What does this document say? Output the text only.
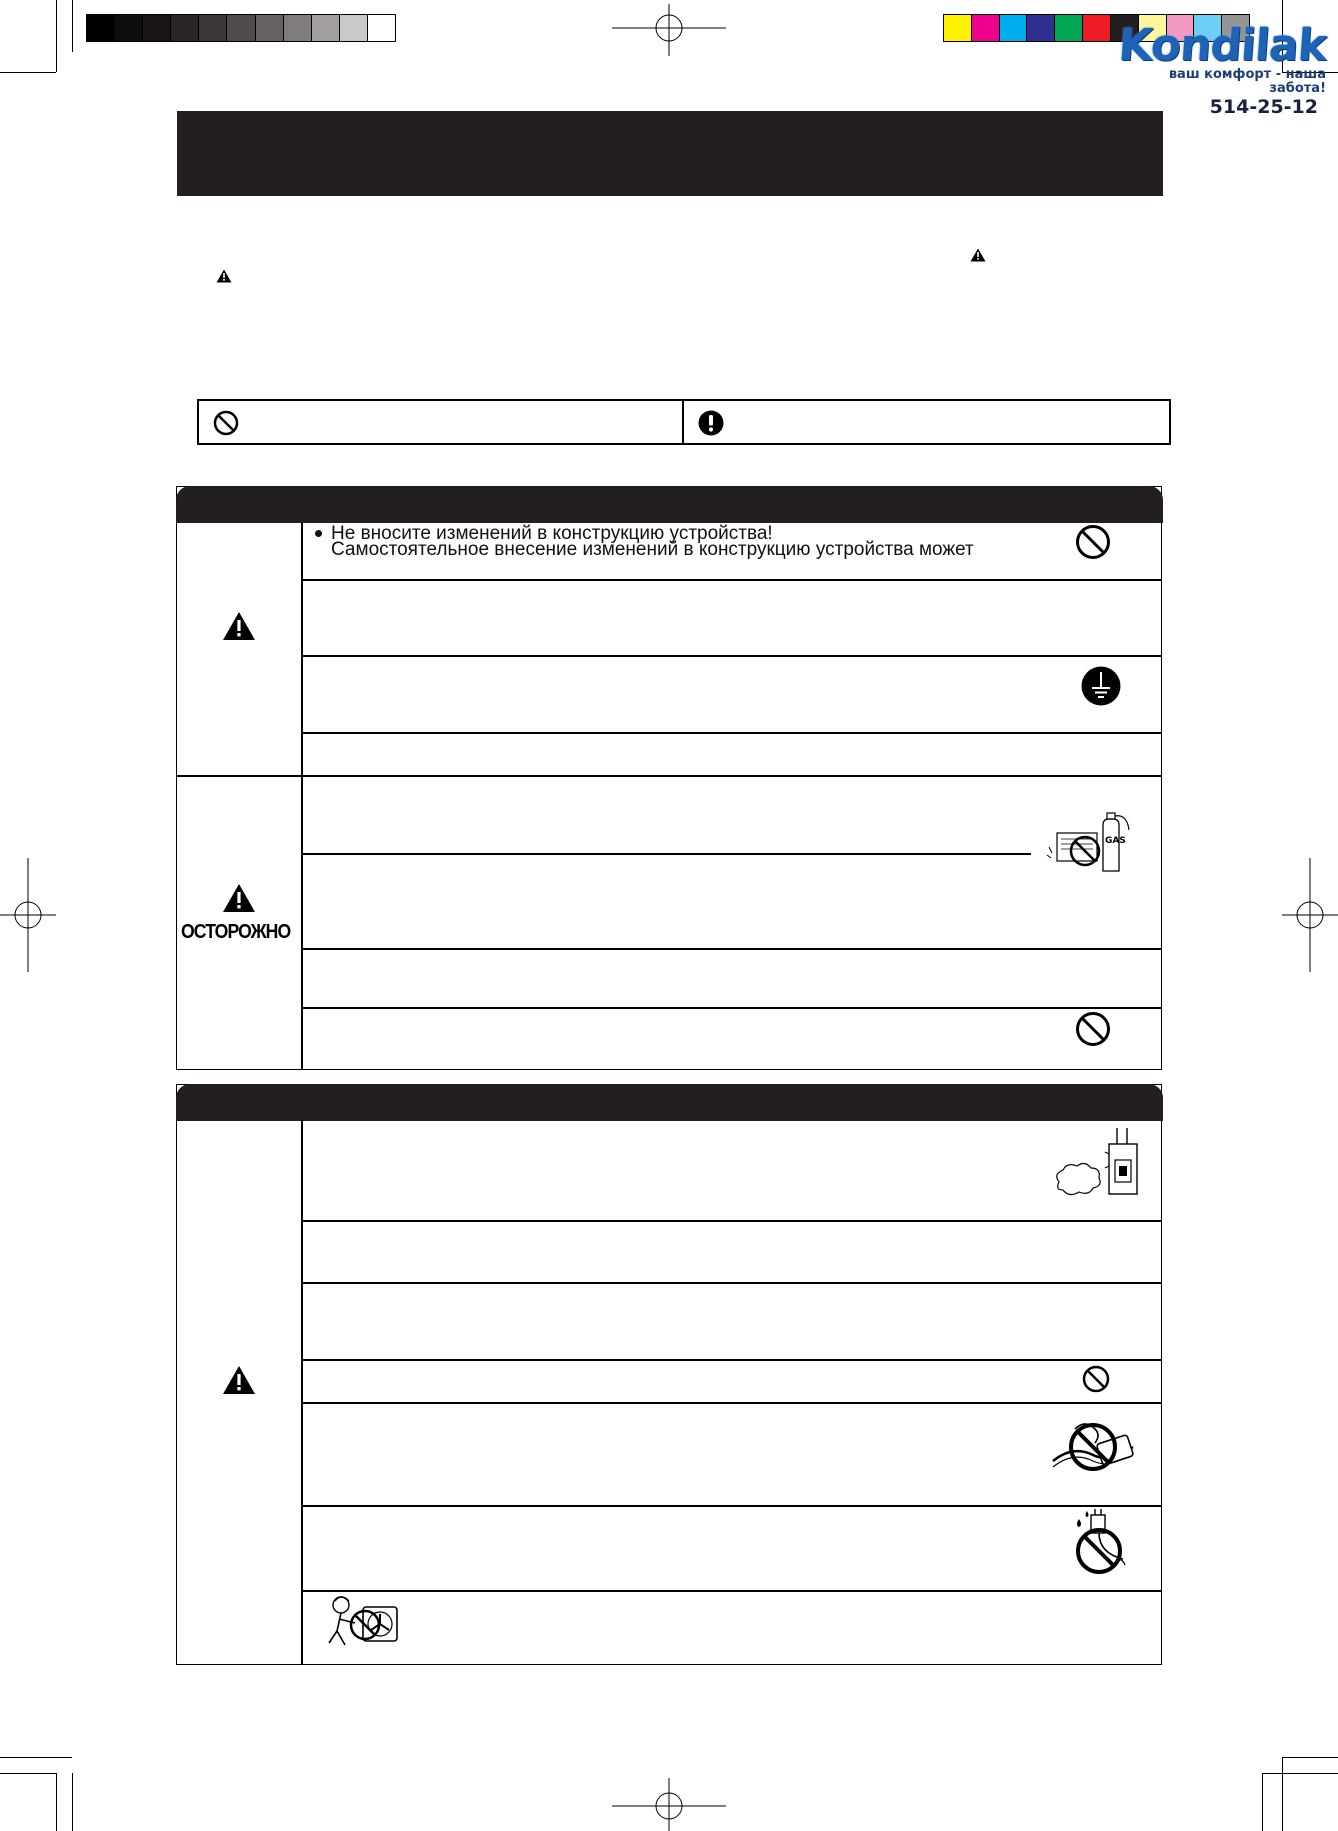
Kondilak
ваш комфорт - наша забота!
514-25-12
Не вносите изменений в конструкцию устройства!
Самостоятельное внесение изменений в конструкцию устройства может
GAS
ОСТОРОЖНО
